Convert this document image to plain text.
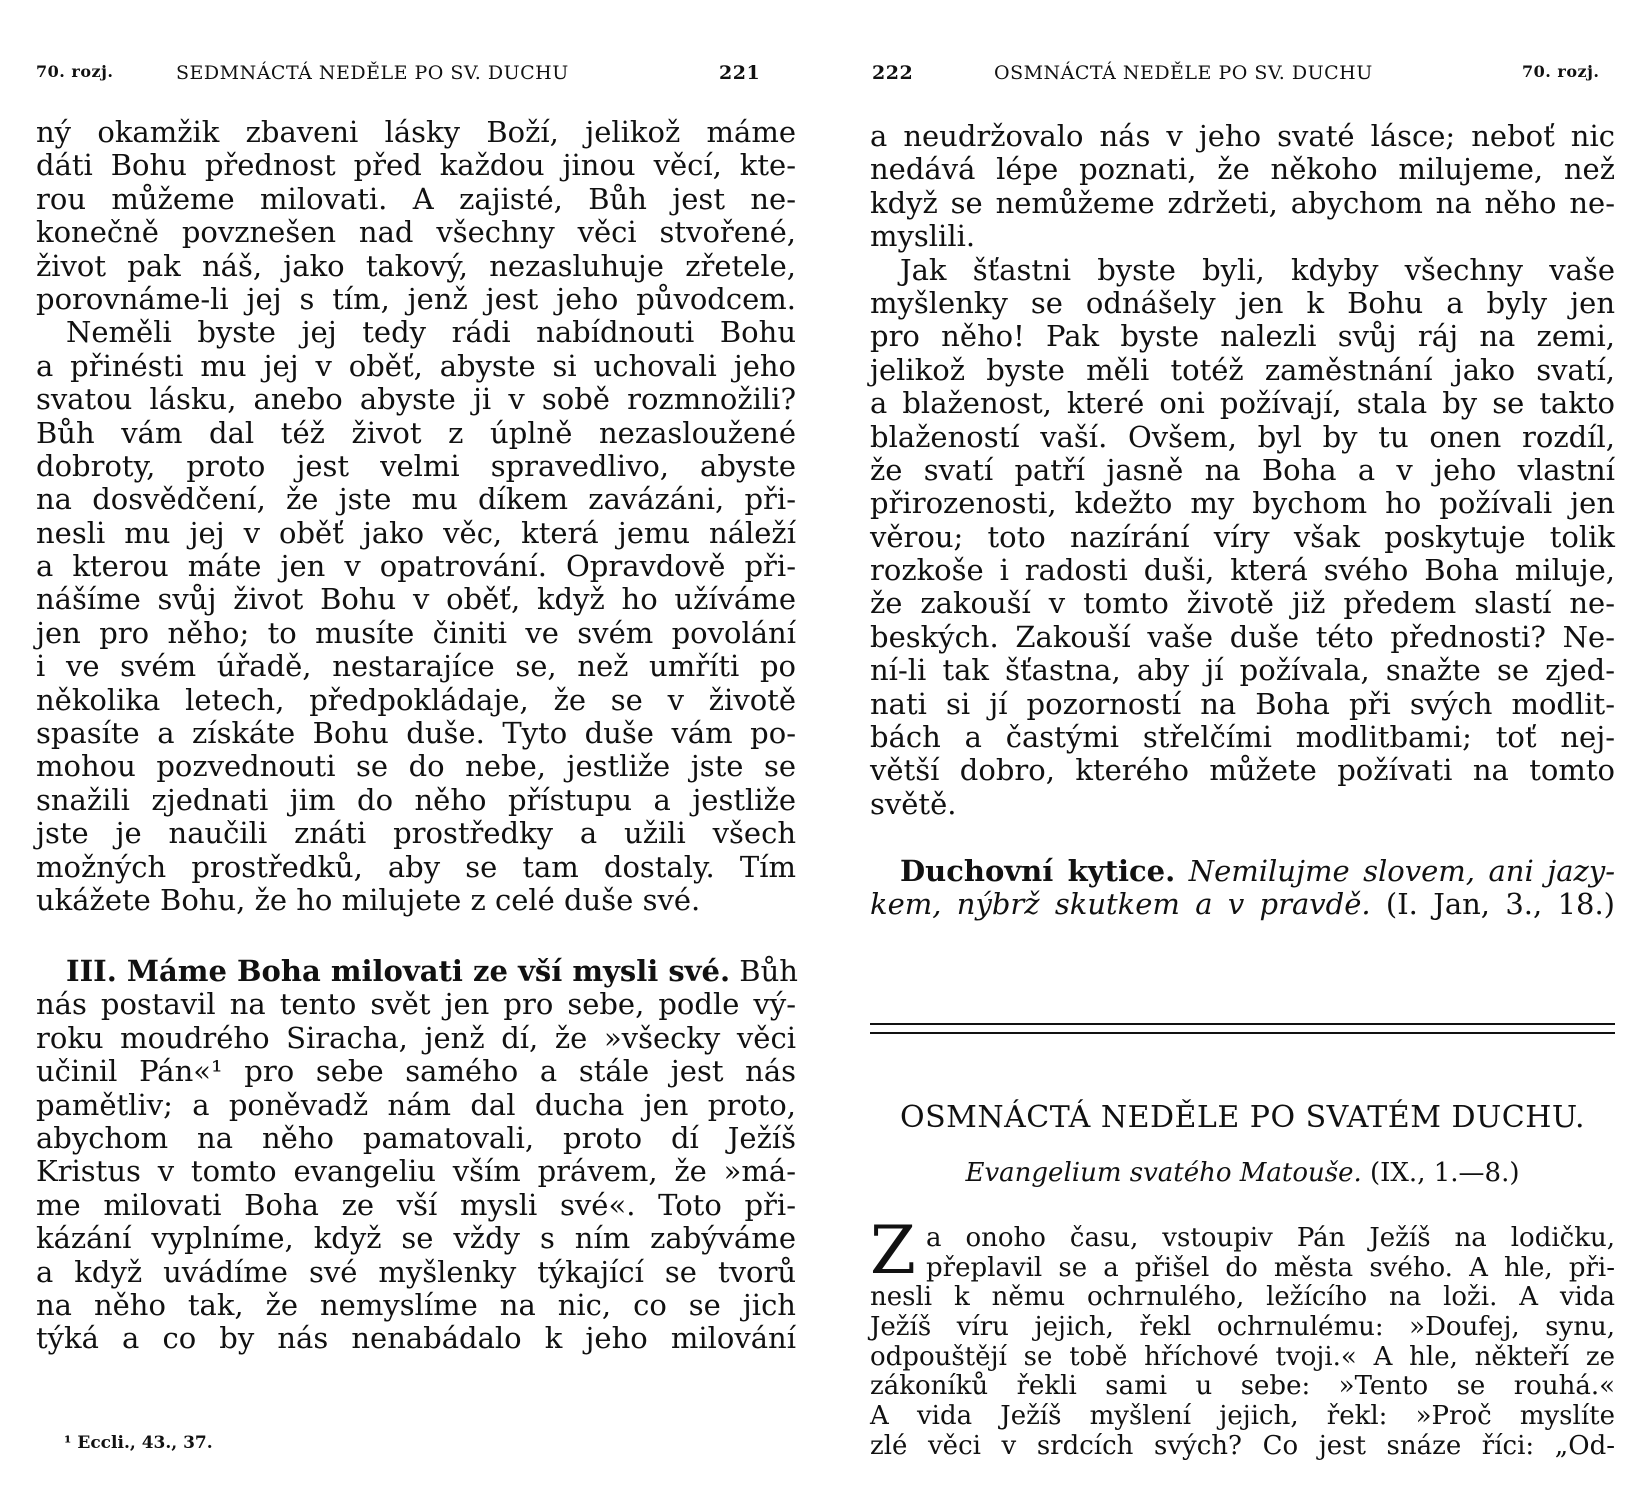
70. rozj.	SEDMNÁCTÁ NEDĚLE PO SV. DUCHU	221
ný okamžik zbaveni lásky Boží, jelikož máme
dáti Bohu přednost před každou jinou věcí, kte-
rou můžeme milovati. A zajisté, Bůh jest ne-
konečně povznešen nad všechny věci stvořené,
život pak náš, jako takový, nezasluhuje zřetele,
porovnáme-li jej s tím, jenž jest jeho původcem.
Neměli byste jej tedy rádi nabídnouti Bohu
a přinésti mu jej v oběť, abyste si uchovali jeho
svatou lásku, anebo abyste ji v sobě rozmnožili?
Bůh vám dal též život z úplně nezasloužené
dobroty, proto jest velmi spravedlivo, abyste
na dosvědčení, že jste mu díkem zavázáni, při-
nesli mu jej v oběť jako věc, která jemu náleží
a kterou máte jen v opatrování. Opravdově při-
nášíme svůj život Bohu v oběť, když ho užíváme
jen pro něho; to musíte činiti ve svém povolání
i ve svém úřadě, nestarajíce se, než umříti po
několika letech, předpokládaje, že se v životě
spasíte a získáte Bohu duše. Tyto duše vám po-
mohou pozvednouti se do nebe, jestliže jste se
snažili zjednati jim do něho přístupu a jestliže
jste je naučili znáti prostředky a užili všech
možných prostředků, aby se tam dostaly. Tím
ukážete Bohu, že ho milujete z celé duše své.
III. Máme Boha milovati ze vší mysli své. Bůh
nás postavil na tento svět jen pro sebe, podle vý-
roku moudrého Siracha, jenž dí, že »všecky věci
učinil Pán«¹ pro sebe samého a stále jest nás
pamětliv; a poněvadž nám dal ducha jen proto,
abychom na něho pamatovali, proto dí Ježíš
Kristus v tomto evangeliu vším právem, že »má-
me milovati Boha ze vší mysli své«. Toto při-
kázání vyplníme, když se vždy s ním zabýváme
a když uvádíme své myšlenky týkající se tvorů
na něho tak, že nemyslíme na nic, co se jich
týká a co by nás nenabádalo k jeho milování
¹ Eccli., 43., 37.
222	OSMNÁCTÁ NEDĚLE PO SV. DUCHU	70. rozj.
a neudržovalo nás v jeho svaté lásce; neboť nic
nedává lépe poznati, že někoho milujeme, než
když se nemůžeme zdržeti, abychom na něho ne-
myslili.
Jak šťastni byste byli, kdyby všechny vaše
myšlenky se odnášely jen k Bohu a byly jen
pro něho! Pak byste nalezli svůj ráj na zemi,
jelikož byste měli totéž zaměstnání jako svatí,
a blaženost, které oni požívají, stala by se takto
blažeností vaší. Ovšem, byl by tu onen rozdíl,
že svatí patří jasně na Boha a v jeho vlastní
přirozenosti, kdežto my bychom ho požívali jen
věrou; toto nazírání víry však poskytuje tolik
rozkoše i radosti duši, která svého Boha miluje,
že zakouší v tomto životě již předem slastí ne-
beských. Zakouší vaše duše této přednosti? Ne-
ní-li tak šťastna, aby jí požívala, snažte se zjed-
nati si jí pozorností na Boha při svých modlit-
bách a častými střelčími modlitbami; toť nej-
větší dobro, kterého můžete požívati na tomto
světě.
Duchovní kytice. Nemilujme slovem, ani jazy-
kem, nýbrž skutkem a v pravdě. (I. Jan, 3., 18.)
OSMNÁCTÁ NEDĚLE PO SVATÉM DUCHU.
Evangelium svatého Matouše. (IX., 1.—8.)
Z a onoho času, vstoupiv Pán Ježíš na lodičku,
přeplavil se a přišel do města svého. A hle, při-
nesli k němu ochrnulého, ležícího na loži. A vida
Ježíš víru jejich, řekl ochrnulému: »Doufej, synu,
odpouštějí se tobě hříchové tvoji.« A hle, někteří ze
zákoníků řekli sami u sebe: »Tento se rouhá.«
A vida Ježíš myšlení jejich, řekl: »Proč myslíte
zlé věci v srdcích svých? Co jest snáze říci: „Od-
